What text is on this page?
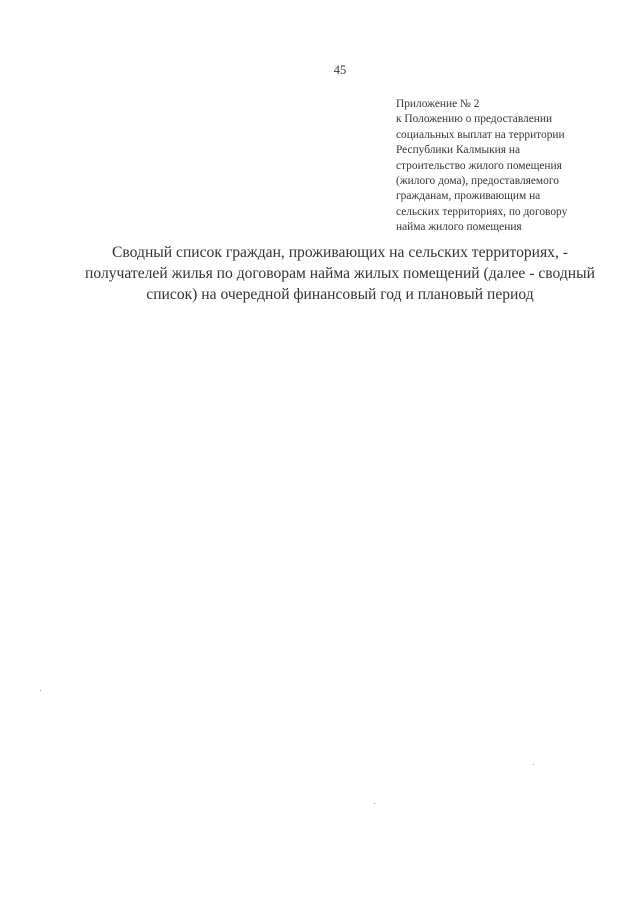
45
Приложение № 2
к Положению о предоставлении
социальных выплат на территории
Республики Калмыкия на
строительство жилого помещения
(жилого дома), предоставляемого
гражданам, проживающим на
сельских территориях, по договору
найма жилого помещения
Сводный список граждан, проживающих на сельских территориях, -
получателей жилья по договорам найма жилых помещений (далее - сводный
список) на очередной финансовый год и плановый период
